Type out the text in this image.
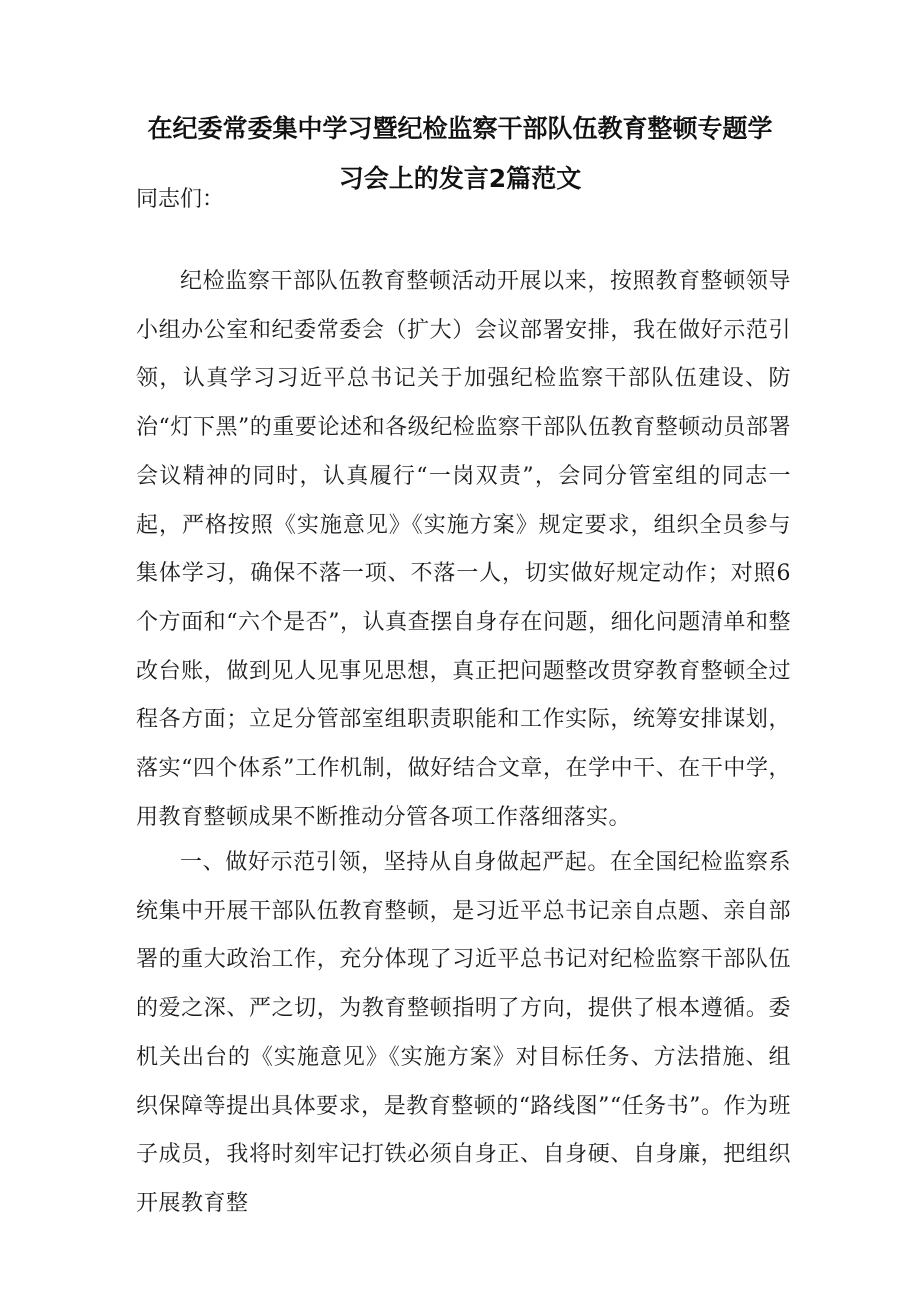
在纪委常委集中学习暨纪检监察干部队伍教育整顿专题学
习会上的发言2篇范文

同志们：

纪检监察干部队伍教育整顿活动开展以来，按照教育整顿领导小组办公室和纪委常委会（扩大）会议部署安排，我在做好示范引领，认真学习习近平总书记关于加强纪检监察干部队伍建设、防治“灯下黑”的重要论述和各级纪检监察干部队伍教育整顿动员部署会议精神的同时，认真履行“一岗双责”，会同分管室组的同志一起，严格按照《实施意见》《实施方案》规定要求，组织全员参与集体学习，确保不落一项、不落一人，切实做好规定动作；对照6个方面和“六个是否”，认真查摆自身存在问题，细化问题清单和整改台账，做到见人见事见思想，真正把问题整改贯穿教育整顿全过程各方面；立足分管部室组职责职能和工作实际，统筹安排谋划，落实“四个体系”工作机制，做好结合文章，在学中干、在干中学，用教育整顿成果不断推动分管各项工作落细落实。

一、做好示范引领，坚持从自身做起严起。在全国纪检监察系统集中开展干部队伍教育整顿，是习近平总书记亲自点题、亲自部署的重大政治工作，充分体现了习近平总书记对纪检监察干部队伍的爱之深、严之切，为教育整顿指明了方向，提供了根本遵循。委机关出台的《实施意见》《实施方案》对目标任务、方法措施、组织保障等提出具体要求，是教育整顿的“路线图”“任务书”。作为班子成员，我将时刻牢记打铁必须自身正、自身硬、自身廉，把组织开展教育整
